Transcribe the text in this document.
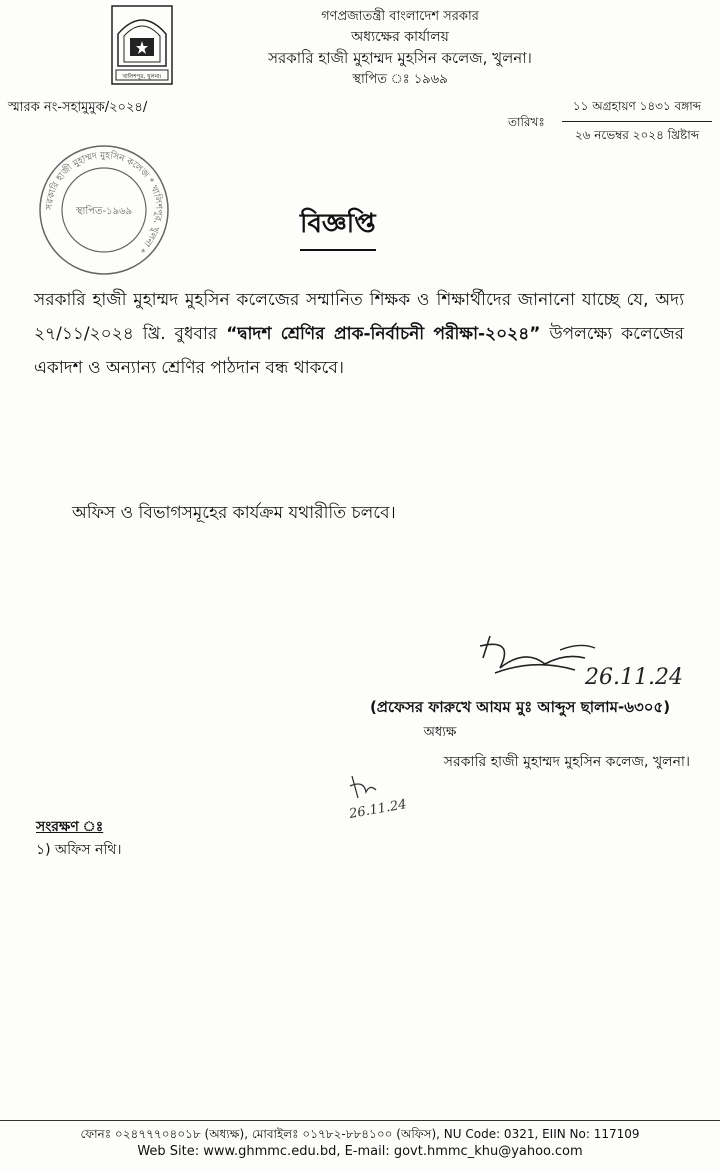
খালিশপুর, খুলনা।
গণপ্রজাতন্ত্রী বাংলাদেশ সরকার
অধ্যক্ষের কার্যালয়
সরকারি হাজী মুহাম্মদ মুহসিন কলেজ, খুলনা।
স্থাপিত ঃ ১৯৬৯
স্মারক নং-সহামুমুক/২০২৪/
তারিখঃ
১১ অগ্রহায়ণ ১৪৩১ বঙ্গাব্দ
২৬ নভেম্বর ২০২৪ খ্রিষ্টাব্দ
সরকারি হাজী মুহাম্মদ মুহসিন কলেজ * খালিশপুর, খুলনা *
স্থাপিত-১৯৬৯	বিজ্ঞপ্তি
সরকারি হাজী মুহাম্মদ মুহসিন কলেজের সম্মানিত শিক্ষক ও শিক্ষার্থীদের জানানো যাচ্ছে যে, অদ্য ২৭/১১/২০২৪ খ্রি. বুধবার “দ্বাদশ শ্রেণির প্রাক-নির্বাচনী পরীক্ষা-২০২৪” উপলক্ষ্যে কলেজের একাদশ ও অন্যান্য শ্রেণির পাঠদান বন্ধ থাকবে।
অফিস ও বিভাগসমূহের কার্যক্রম যথারীতি চলবে।
26.11.24
(প্রফেসর ফারুখে আযম মুঃ আব্দুস ছালাম-৬৩০৫)
অধ্যক্ষ
সরকারি হাজী মুহাম্মদ মুহসিন কলেজ, খুলনা।
26.11.24
সংরক্ষণ ঃ
১) অফিস নথি।
ফোনঃ ০২৪৭৭৭০৪০১৮ (অধ্যক্ষ), মোবাইলঃ ০১৭৮২-৮৮৪১০০ (অফিস), NU Code: 0321, EIIN No: 117109
Web Site: www.ghmmc.edu.bd, E-mail: govt.hmmc_khu@yahoo.com
